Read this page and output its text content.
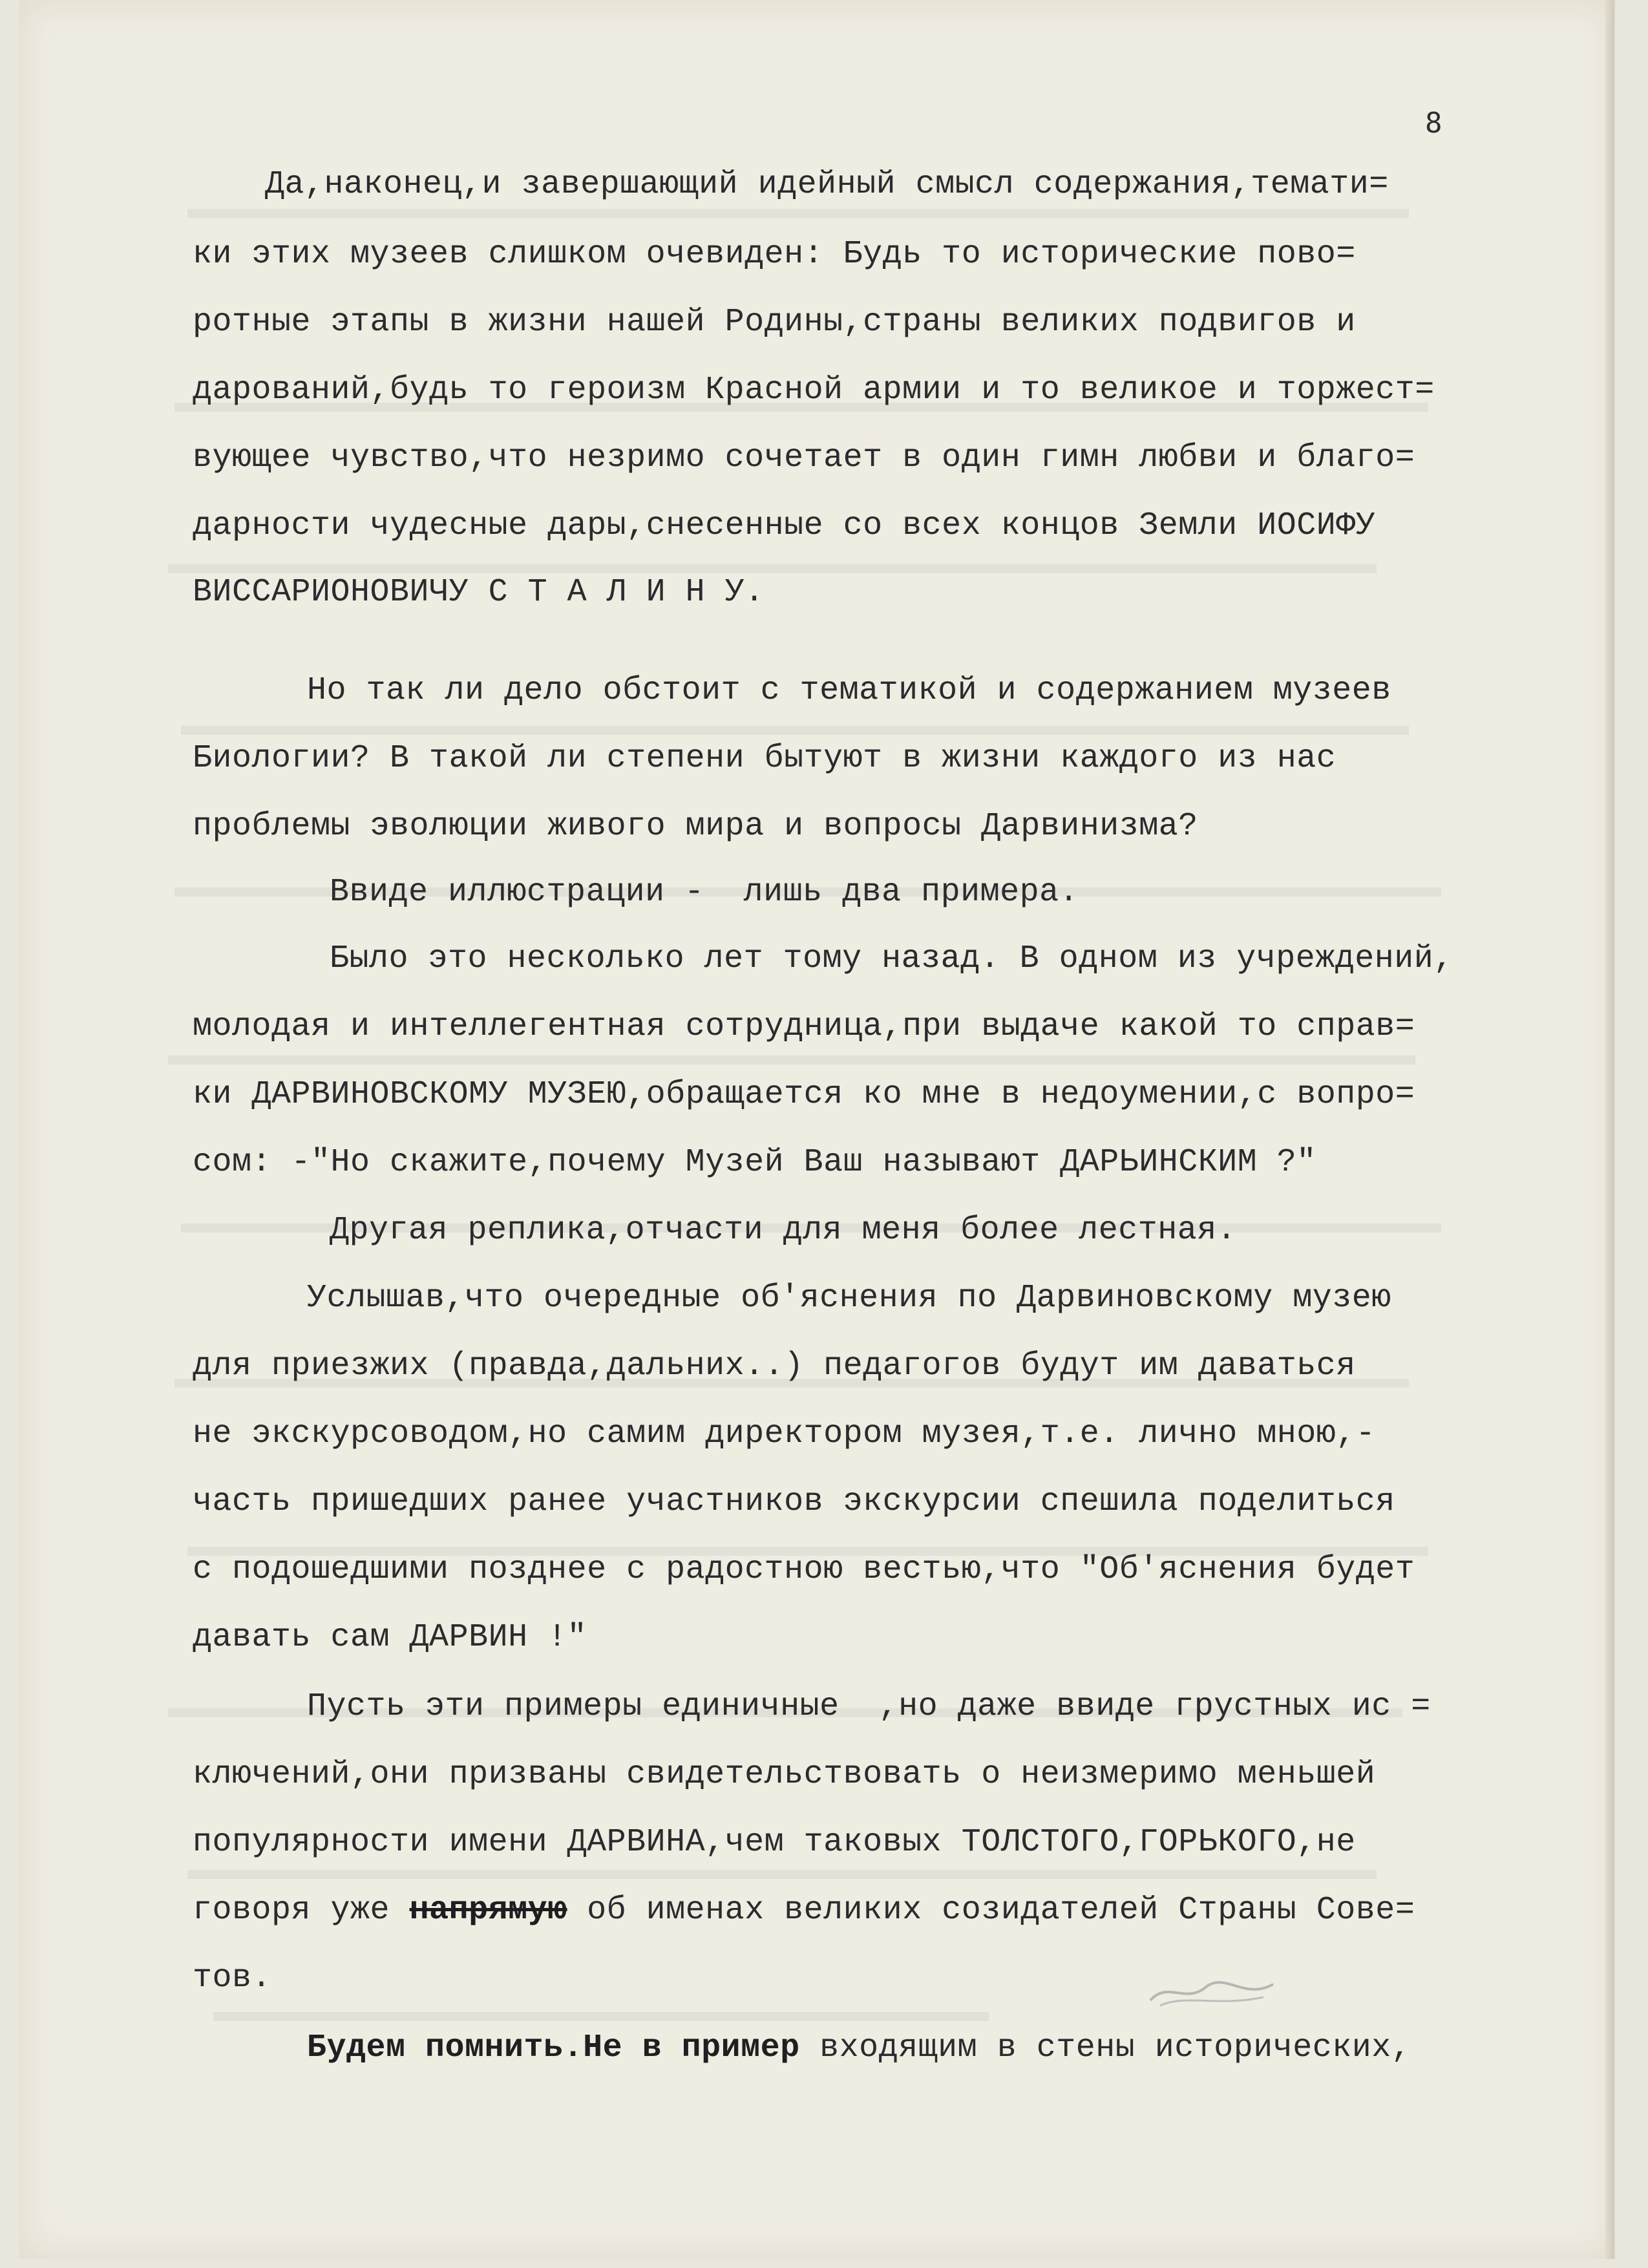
8
Да,наконец,и завершающий идейный смысл содержания,темати=
ки этих музеев слишком очевиден: Будь то исторические пово=
ротные этапы в жизни нашей Родины,страны великих подвигов и
дарований,будь то героизм Красной армии и то великое и торжест=
вующее чувство,что незримо сочетает в один гимн любви и благо=
дарности чудесные дары,снесенные со всех концов Земли ИОСИФУ
ВИССАРИОНОВИЧУ С Т А Л И Н У.
Но так ли дело обстоит с тематикой и содержанием музеев
Биологии? В такой ли степени бытуют в жизни каждого из нас
проблемы эволюции живого мира и вопросы Дарвинизма?
Ввиде иллюстрации -  лишь два примера.
Было это несколько лет тому назад. В одном из учреждений,
молодая и интеллегентная сотрудница,при выдаче какой то справ=
ки ДАРВИНОВСКОМУ МУЗЕЮ,обращается ко мне в недоумении,с вопро=
сом: -"Но скажите,почему Музей Ваш называют ДАРЬИНСКИМ ?"
Другая реплика,отчасти для меня более лестная.
Услышав,что очередные об'яснения по Дарвиновскому музею
для приезжих (правда,дальних..) педагогов будут им даваться
не экскурсоводом,но самим директором музея,т.е. лично мною,-
часть пришедших ранее участников экскурсии спешила поделиться
с подошедшими позднее с радостною вестью,что "Об'яснения будет
давать сам ДАРВИН !"
Пусть эти примеры единичные  ,но даже ввиде грустных ис =
ключений,они призваны свидетельствовать о неизмеримо меньшей
популярности имени ДАРВИНА,чем таковых ТОЛСТОГО,ГОРЬКОГО,не
говоря уже напрямую об именах великих созидателей Страны Сове=
тов.
Будем помнить.Не в пример входящим в стены исторических,
